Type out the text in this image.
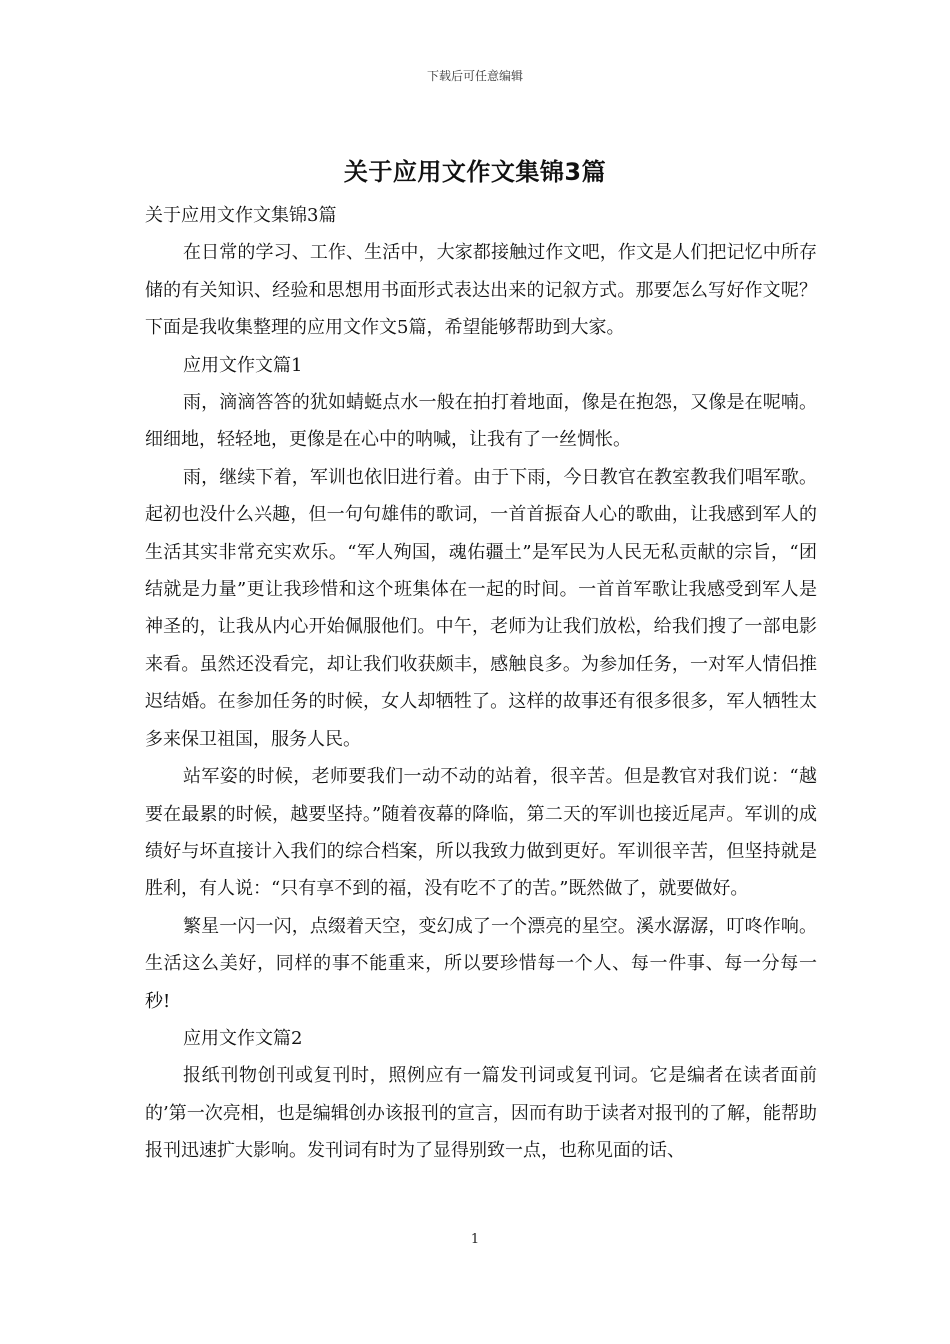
下载后可任意编辑
关于应用文作文集锦3篇

关于应用文作文集锦3篇

在日常的学习、工作、生活中，大家都接触过作文吧，作文是人们把记忆中所存储的有关知识、经验和思想用书面形式表达出来的记叙方式。那要怎么写好作文呢？下面是我收集整理的应用文作文5篇，希望能够帮助到大家。

应用文作文篇1

雨，滴滴答答的犹如蜻蜓点水一般在拍打着地面，像是在抱怨，又像是在呢喃。细细地，轻轻地，更像是在心中的呐喊，让我有了一丝惆怅。

雨，继续下着，军训也依旧进行着。由于下雨，今日教官在教室教我们唱军歌。起初也没什么兴趣，但一句句雄伟的歌词，一首首振奋人心的歌曲，让我感到军人的生活其实非常充实欢乐。“军人殉国，魂佑疆土”是军民为人民无私贡献的宗旨，“团结就是力量”更让我珍惜和这个班集体在一起的时间。一首首军歌让我感受到军人是神圣的，让我从内心开始佩服他们。中午，老师为让我们放松，给我们搜了一部电影来看。虽然还没看完，却让我们收获颇丰，感触良多。为参加任务，一对军人情侣推迟结婚。在参加任务的时候，女人却牺牲了。这样的故事还有很多很多，军人牺牲太多来保卫祖国，服务人民。

站军姿的时候，老师要我们一动不动的站着，很辛苦。但是教官对我们说：“越要在最累的时候，越要坚持。”随着夜幕的降临，第二天的军训也接近尾声。军训的成绩好与坏直接计入我们的综合档案，所以我致力做到更好。军训很辛苦，但坚持就是胜利，有人说：“只有享不到的福，没有吃不了的苦。”既然做了，就要做好。

繁星一闪一闪，点缀着天空，变幻成了一个漂亮的星空。溪水潺潺，叮咚作响。生活这么美好，同样的事不能重来，所以要珍惜每一个人、每一件事、每一分每一秒!

应用文作文篇2

报纸刊物创刊或复刊时，照例应有一篇发刊词或复刊词。它是编者在读者面前的’第一次亮相，也是编辑创办该报刊的宣言，因而有助于读者对报刊的了解，能帮助报刊迅速扩大影响。发刊词有时为了显得别致一点，也称见面的话、

1
